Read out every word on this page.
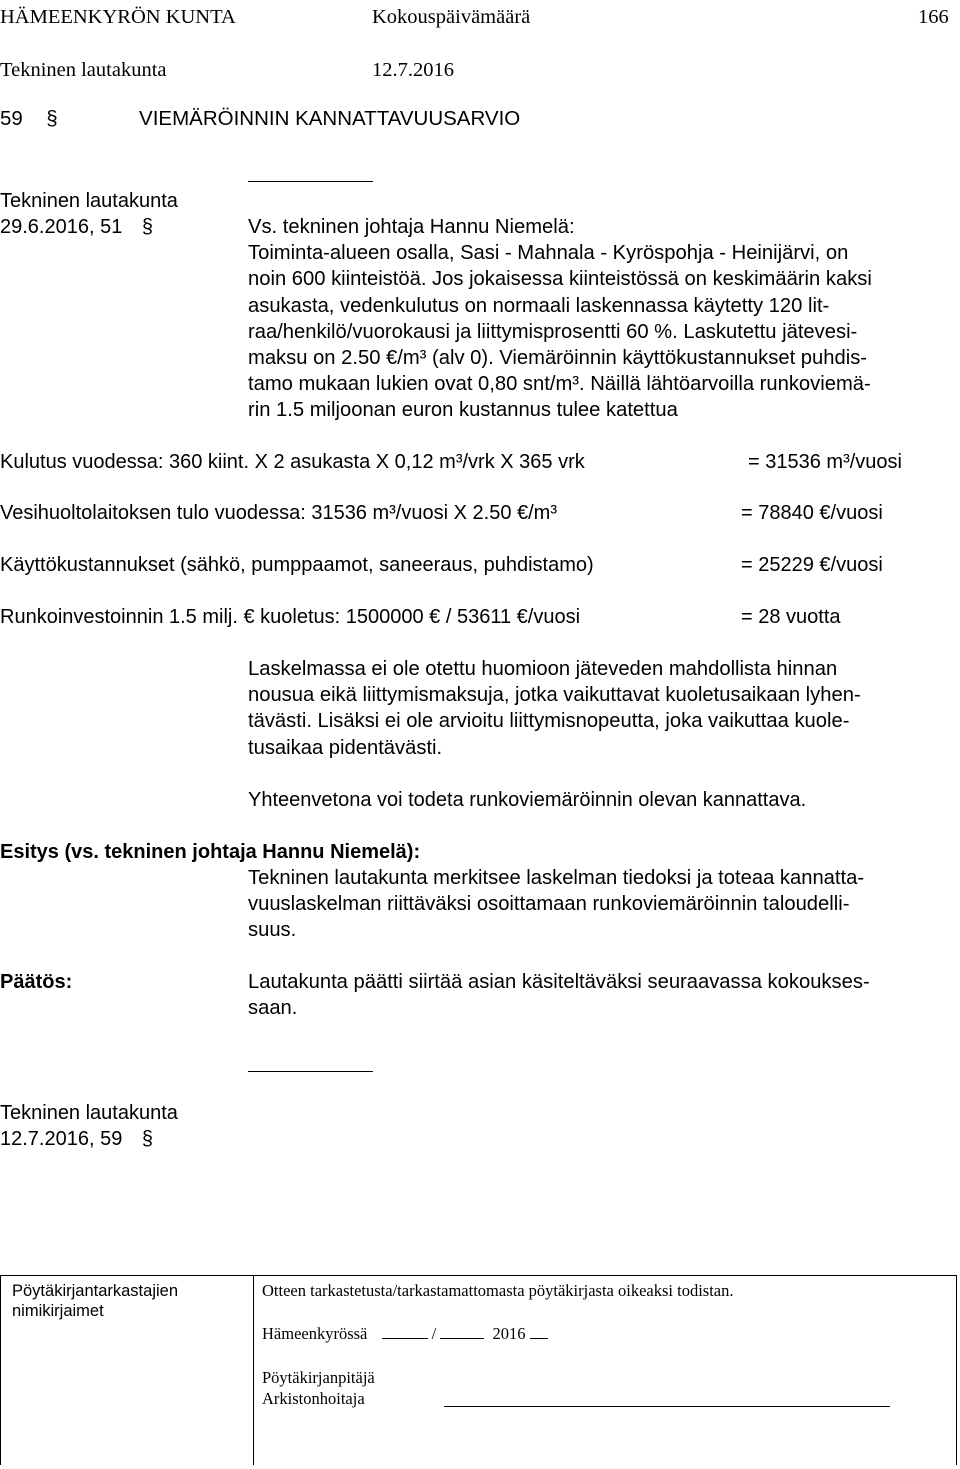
HÄMEENKYRÖN KUNTA	Kokouspäivämäärä	166
Tekninen lautakunta	12.7.2016
59 §	VIEMÄRÖINNIN KANNATTAVUUSARVIO
Tekninen lautakunta
29.6.2016, 51 §	Vs. tekninen johtaja Hannu Niemelä:
Toiminta-alueen osalla, Sasi - Mahnala - Kyröspohja - Heinijärvi, on
noin 600 kiinteistöä. Jos jokaisessa kiinteistössä on keskimäärin kaksi
asukasta, vedenkulutus on normaali laskennassa käytetty 120 lit-
raa/henkilö/vuorokausi ja liittymisprosentti 60 %. Laskutettu jätevesi-
maksu on 2.50 €/m³ (alv 0). Viemäröinnin käyttökustannukset puhdis-
tamo mukaan lukien ovat 0,80 snt/m³. Näillä lähtöarvoilla runkoviemä-
rin 1.5 miljoonan euron kustannus tulee katettua
Kulutus vuodessa: 360 kiint. X 2 asukasta X 0,12 m³/vrk X 365 vrk	= 31536 m³/vuosi
Vesihuoltolaitoksen tulo vuodessa: 31536 m³/vuosi X 2.50 €/m³	= 78840 €/vuosi
Käyttökustannukset (sähkö, pumppaamot, saneeraus, puhdistamo)	= 25229 €/vuosi
Runkoinvestoinnin 1.5 milj. € kuoletus: 1500000 € / 53611 €/vuosi	= 28 vuotta
Laskelmassa ei ole otettu huomioon jäteveden mahdollista hinnan
nousua eikä liittymismaksuja, jotka vaikuttavat kuoletusaikaan lyhen-
tävästi. Lisäksi ei ole arvioitu liittymisnopeutta, joka vaikuttaa kuole-
tusaikaa pidentävästi.
Yhteenvetona voi todeta runkoviemäröinnin olevan kannattava.
Esitys (vs. tekninen johtaja Hannu Niemelä):
Tekninen lautakunta merkitsee laskelman tiedoksi ja toteaa kannatta-
vuuslaskelman riittäväksi osoittamaan runkoviemäröinnin taloudelli-
suus.
Päätös:	Lautakunta päätti siirtää asian käsiteltäväksi seuraavassa kokoukses-
saan.
Tekninen lautakunta
12.7.2016, 59 §
Pöytäkirjantarkastajien
nimikirjaimet
Otteen tarkastetusta/tarkastamattomasta pöytäkirjasta oikeaksi todistan.
Hämeenkyrössä	/	2016
Pöytäkirjanpitäjä
Arkistonhoitaja
